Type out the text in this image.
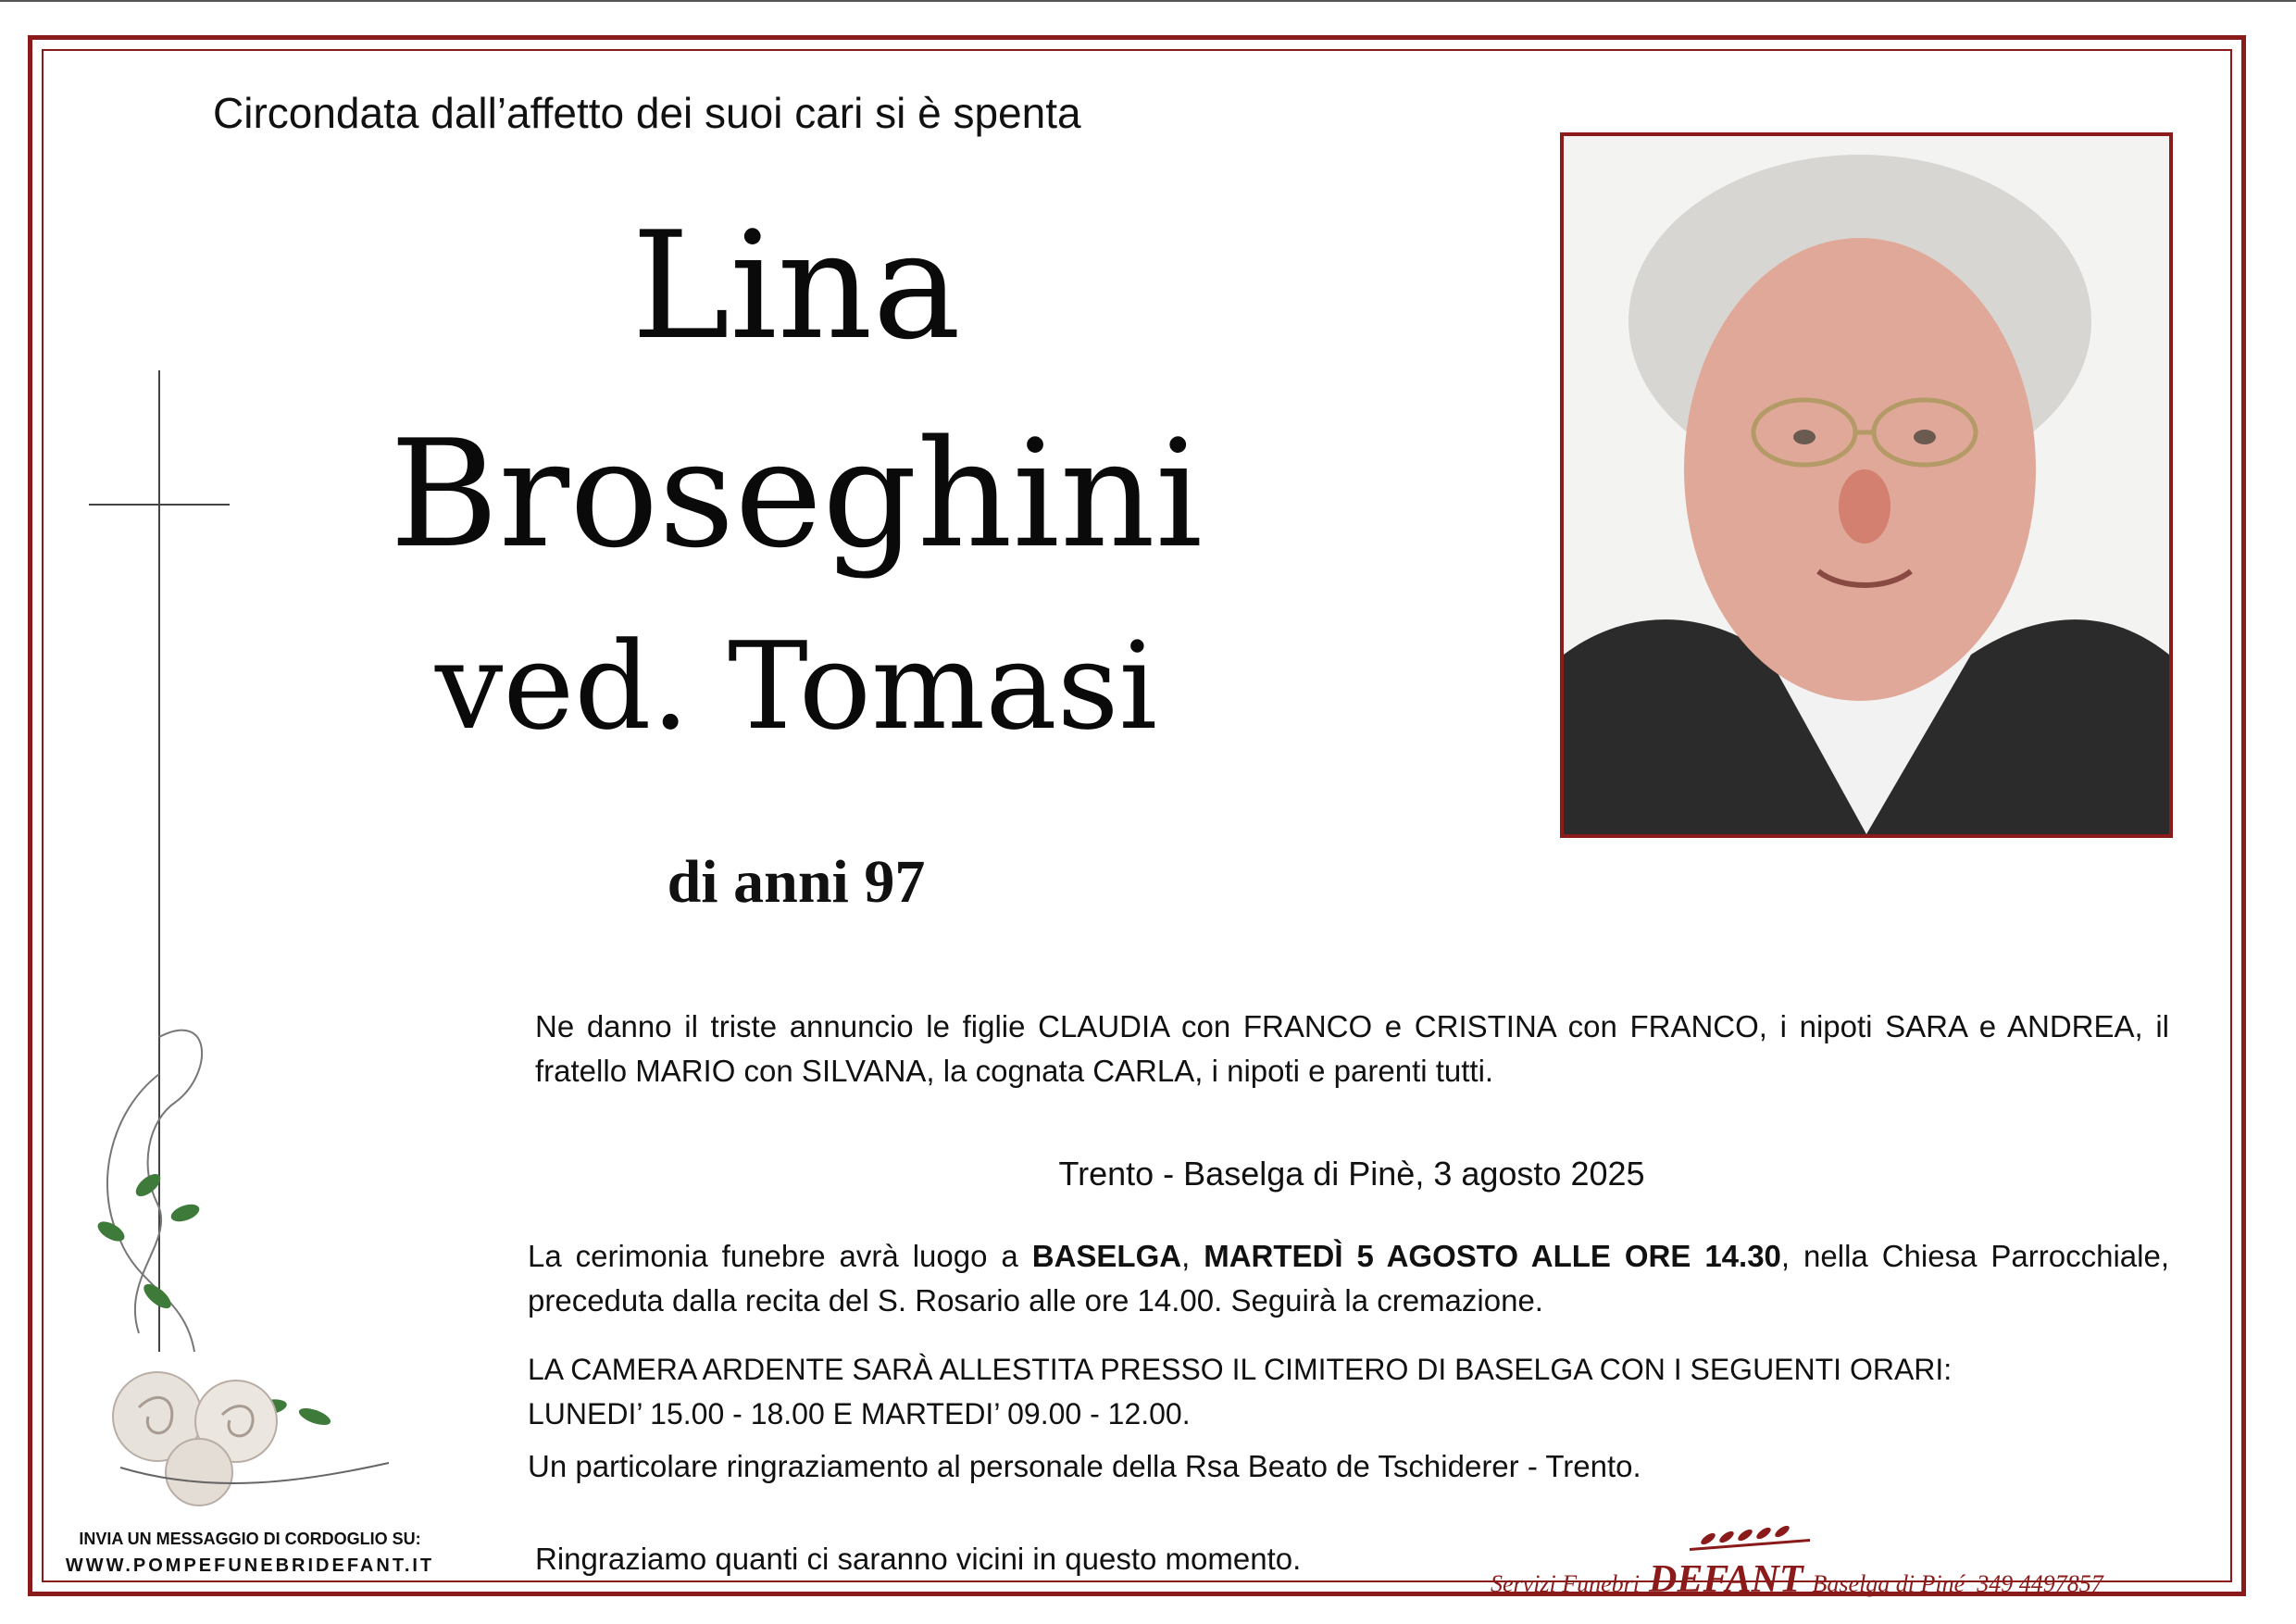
Circondata dall’affetto dei suoi cari si è spenta
Lina
Broseghini
ved. Tomasi
di anni 97
Ne danno il triste annuncio le figlie CLAUDIA con FRANCO e CRISTINA con FRANCO, i nipoti SARA e ANDREA, il fratello MARIO con SILVANA, la cognata CARLA, i nipoti e parenti tutti.
Trento - Baselga di Pinè, 3 agosto 2025
La cerimonia funebre avrà luogo a BASELGA, MARTEDÌ 5 AGOSTO ALLE ORE 14.30, nella Chiesa Parrocchiale, preceduta dalla recita del S. Rosario alle ore 14.00. Seguirà la cremazione.
LA CAMERA ARDENTE SARÀ ALLESTITA PRESSO IL CIMITERO DI BASELGA CON I SEGUENTI ORARI:
LUNEDI’ 15.00 - 18.00 E MARTEDI’ 09.00 - 12.00.
Un particolare ringraziamento al personale della Rsa Beato de Tschiderer - Trento.
Ringraziamo quanti ci saranno vicini in questo momento.
INVIA UN MESSAGGIO DI CORDOGLIO SU:
WWW.POMPEFUNEBRIDEFANT.IT
Servizi Funebri DEFANT Baselga di Piné 349 4497857
